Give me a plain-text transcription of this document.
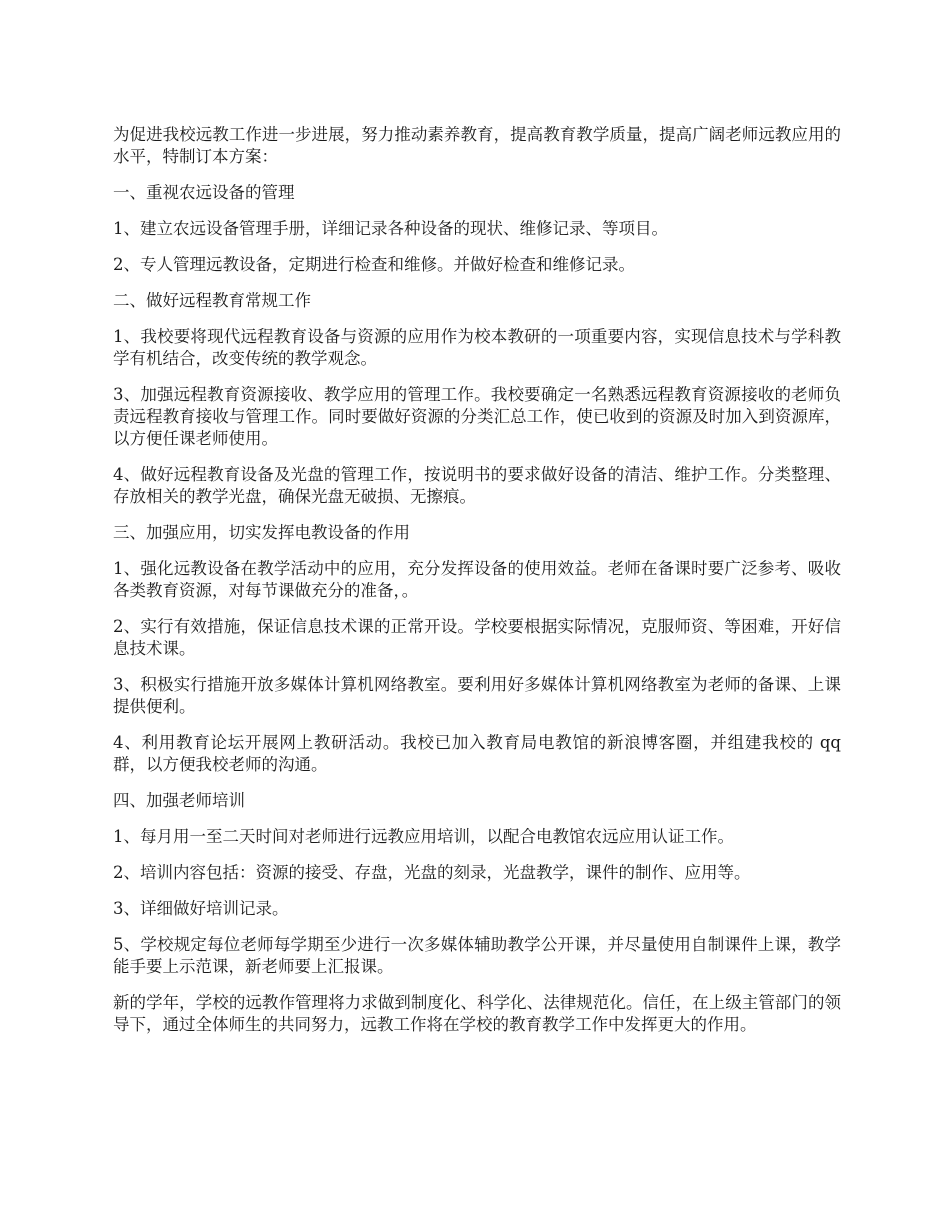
为促进我校远教工作进一步进展，努力推动素养教育，提高教育教学质量，提高广阔老师远教应用的水平，特制订本方案：

一、重视农远设备的管理

1、建立农远设备管理手册，详细记录各种设备的现状、维修记录、等项目。

2、专人管理远教设备，定期进行检查和维修。并做好检查和维修记录。

二、做好远程教育常规工作

1、我校要将现代远程教育设备与资源的应用作为校本教研的一项重要内容，实现信息技术与学科教学有机结合，改变传统的教学观念。

3、加强远程教育资源接收、教学应用的管理工作。我校要确定一名熟悉远程教育资源接收的老师负责远程教育接收与管理工作。同时要做好资源的分类汇总工作，使已收到的资源及时加入到资源库，以方便任课老师使用。

4、做好远程教育设备及光盘的管理工作，按说明书的要求做好设备的清洁、维护工作。分类整理、存放相关的教学光盘，确保光盘无破损、无擦痕。

三、加强应用，切实发挥电教设备的作用

1、强化远教设备在教学活动中的应用，充分发挥设备的使用效益。老师在备课时要广泛参考、吸收各类教育资源，对每节课做充分的准备，。

2、实行有效措施，保证信息技术课的正常开设。学校要根据实际情况，克服师资、等困难，开好信息技术课。

3、积极实行措施开放多媒体计算机网络教室。要利用好多媒体计算机网络教室为老师的备课、上课提供便利。

4、利用教育论坛开展网上教研活动。我校已加入教育局电教馆的新浪博客圈，并组建我校的 qq 群，以方便我校老师的沟通。

四、加强老师培训

1、每月用一至二天时间对老师进行远教应用培训，以配合电教馆农远应用认证工作。

2、培训内容包括：资源的接受、存盘，光盘的刻录，光盘教学，课件的制作、应用等。

3、详细做好培训记录。

5、学校规定每位老师每学期至少进行一次多媒体辅助教学公开课，并尽量使用自制课件上课，教学能手要上示范课，新老师要上汇报课。

新的学年，学校的远教作管理将力求做到制度化、科学化、法律规范化。信任，在上级主管部门的领导下，通过全体师生的共同努力，远教工作将在学校的教育教学工作中发挥更大的作用。
